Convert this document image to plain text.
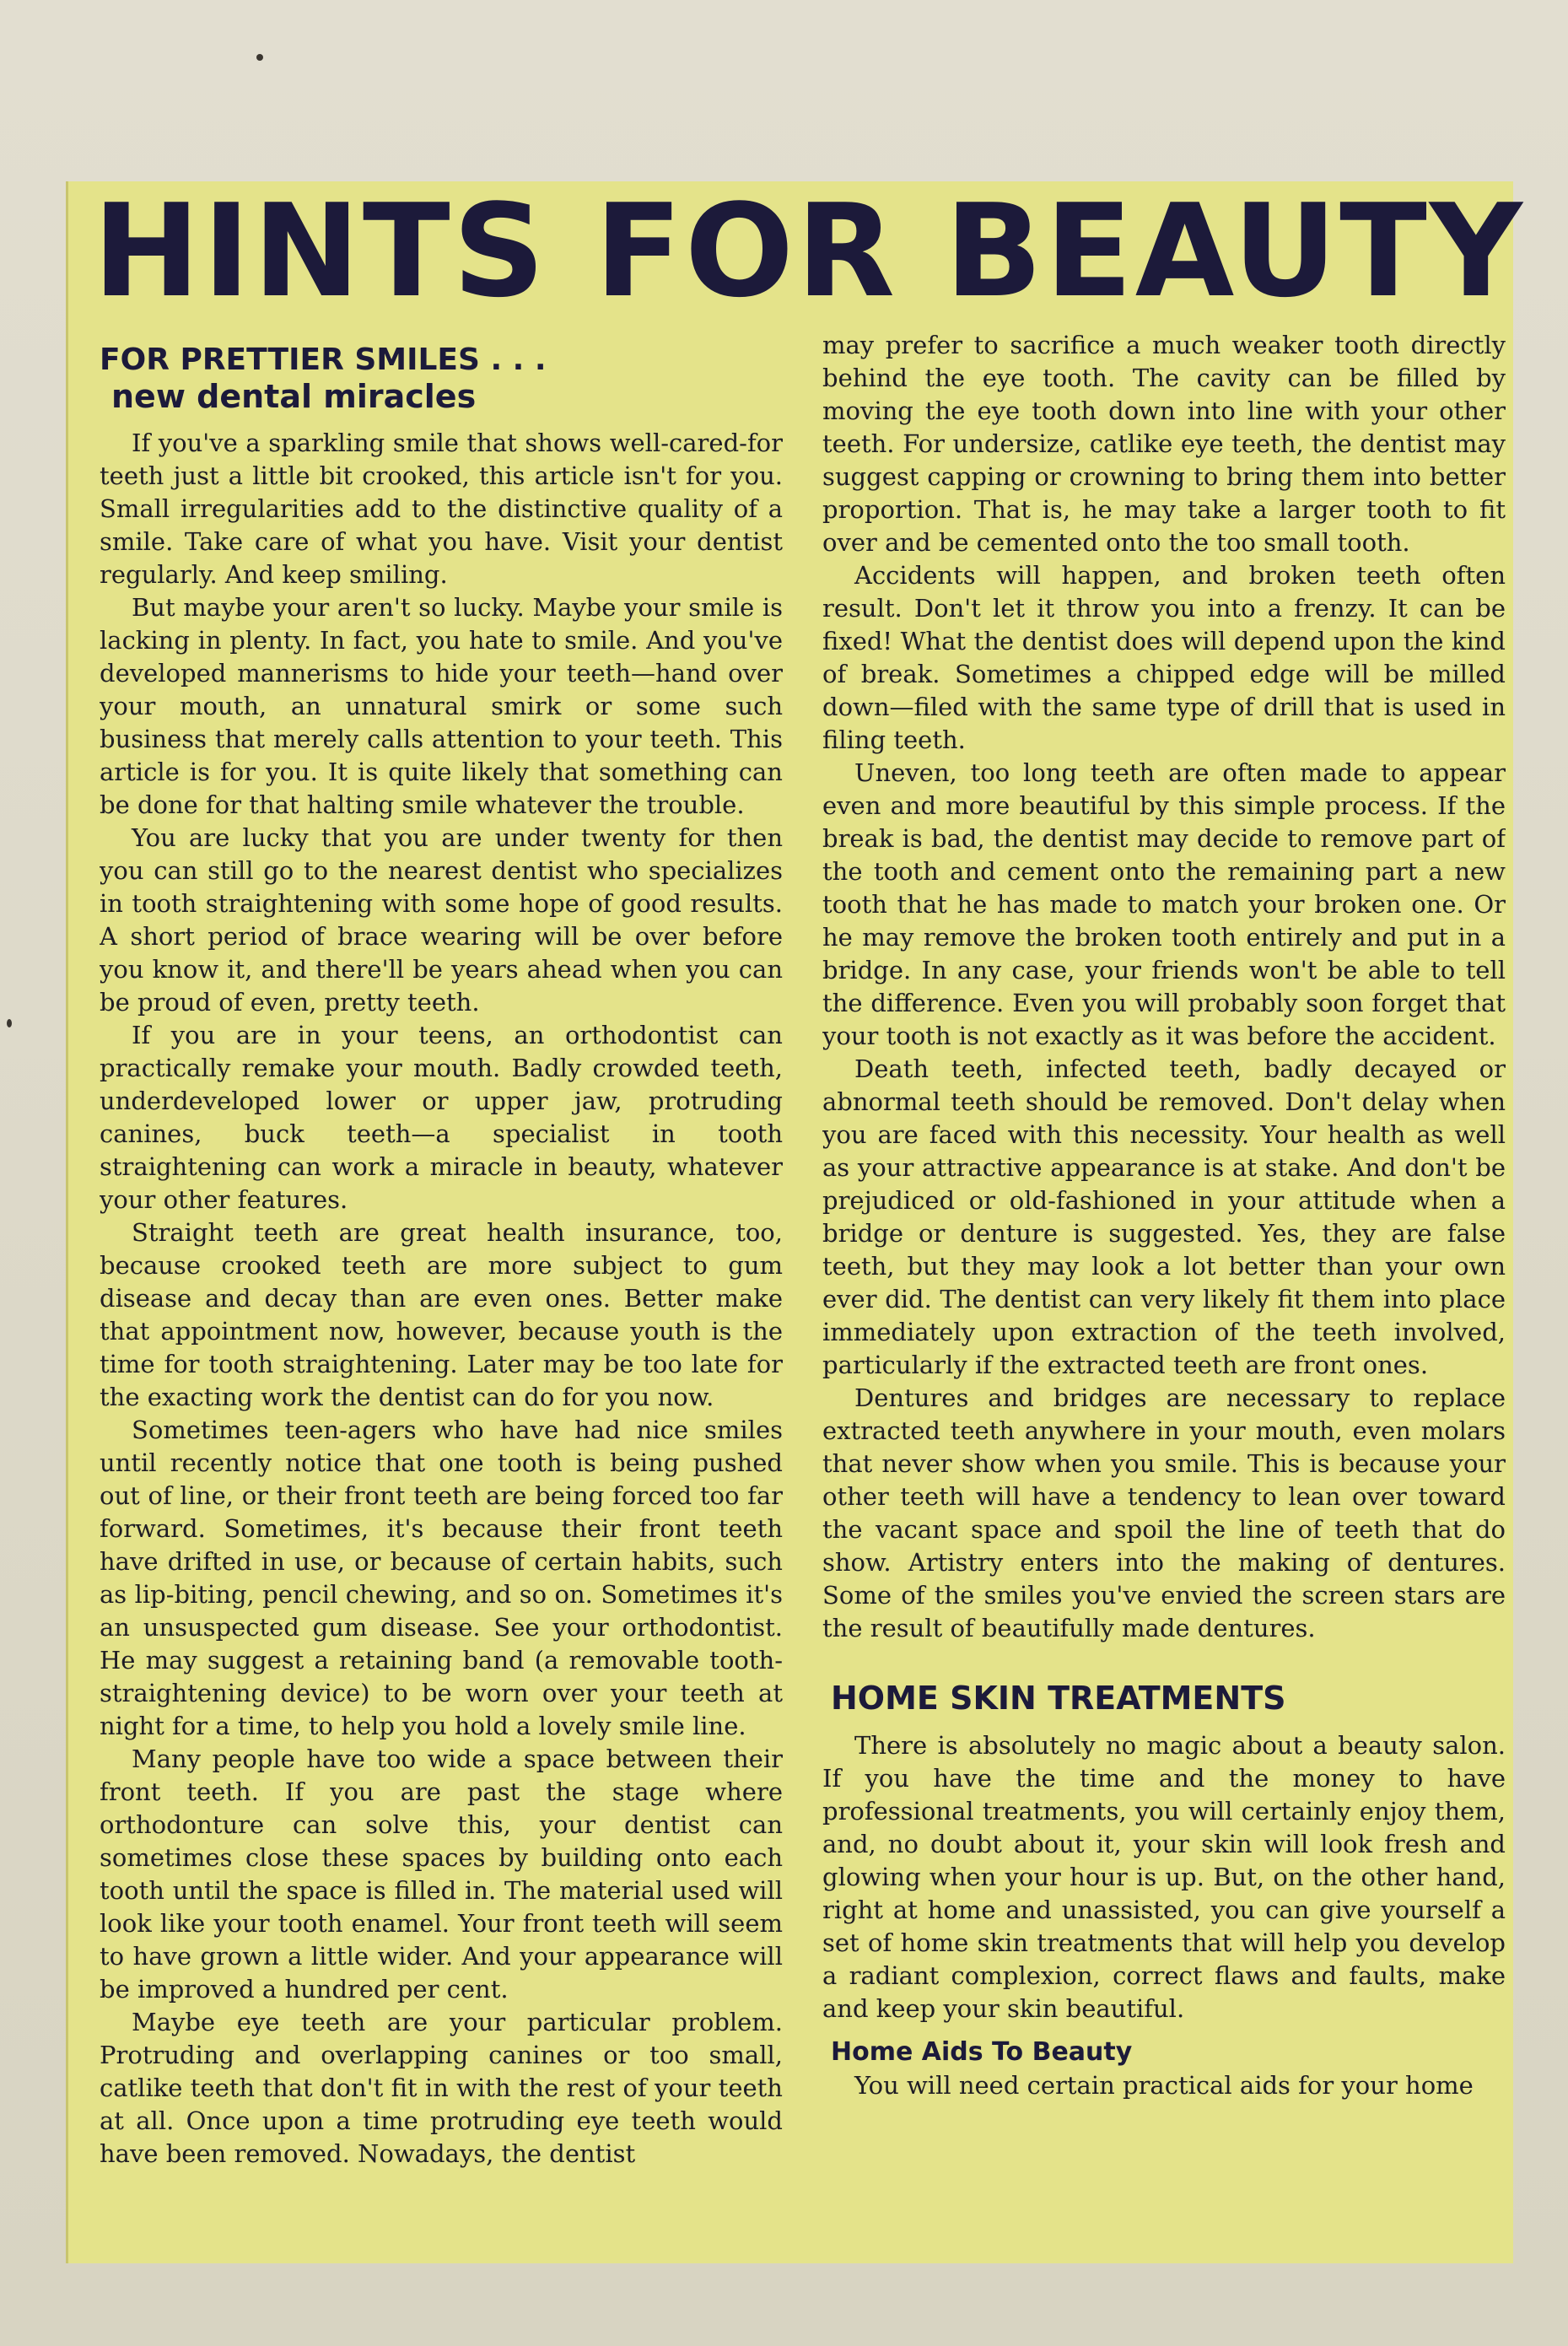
HINTS FOR BEAUTY
FOR PRETTIER SMILES . . .
new dental miracles

If you've a sparkling smile that shows well-cared-for teeth just a little bit crooked, this article isn't for you. Small irregularities add to the distinctive quality of a smile. Take care of what you have. Visit your dentist regularly. And keep smiling.

But maybe your aren't so lucky. Maybe your smile is lacking in plenty. In fact, you hate to smile. And you've developed mannerisms to hide your teeth—hand over your mouth, an unnatural smirk or some such business that merely calls attention to your teeth. This article is for you. It is quite likely that something can be done for that halting smile whatever the trouble.

You are lucky that you are under twenty for then you can still go to the nearest dentist who specializes in tooth straightening with some hope of good results. A short period of brace wearing will be over before you know it, and there'll be years ahead when you can be proud of even, pretty teeth.

If you are in your teens, an orthodontist can practically remake your mouth. Badly crowded teeth, underdeveloped lower or upper jaw, protruding canines, buck teeth—a specialist in tooth straightening can work a miracle in beauty, whatever your other features.

Straight teeth are great health insurance, too, because crooked teeth are more subject to gum disease and decay than are even ones. Better make that appointment now, however, because youth is the time for tooth straightening. Later may be too late for the exacting work the dentist can do for you now.

Sometimes teen-agers who have had nice smiles until recently notice that one tooth is being pushed out of line, or their front teeth are being forced too far forward. Sometimes, it's because their front teeth have drifted in use, or because of certain habits, such as lip-biting, pencil chewing, and so on. Sometimes it's an unsuspected gum disease. See your orthodontist. He may suggest a retaining band (a removable tooth-straightening device) to be worn over your teeth at night for a time, to help you hold a lovely smile line.

Many people have too wide a space between their front teeth. If you are past the stage where orthodonture can solve this, your dentist can sometimes close these spaces by building onto each tooth until the space is filled in. The material used will look like your tooth enamel. Your front teeth will seem to have grown a little wider. And your appearance will be improved a hundred per cent.

Maybe eye teeth are your particular problem. Protruding and overlapping canines or too small, catlike teeth that don't fit in with the rest of your teeth at all. Once upon a time protruding eye teeth would have been removed. Nowadays, the dentist

may prefer to sacrifice a much weaker tooth directly behind the eye tooth. The cavity can be filled by moving the eye tooth down into line with your other teeth. For undersize, catlike eye teeth, the dentist may suggest capping or crowning to bring them into better proportion. That is, he may take a larger tooth to fit over and be cemented onto the too small tooth.

Accidents will happen, and broken teeth often result. Don't let it throw you into a frenzy. It can be fixed! What the dentist does will depend upon the kind of break. Sometimes a chipped edge will be milled down—filed with the same type of drill that is used in filing teeth.

Uneven, too long teeth are often made to appear even and more beautiful by this simple process. If the break is bad, the dentist may decide to remove part of the tooth and cement onto the remaining part a new tooth that he has made to match your broken one. Or he may remove the broken tooth entirely and put in a bridge. In any case, your friends won't be able to tell the difference. Even you will probably soon forget that your tooth is not exactly as it was before the accident.

Death teeth, infected teeth, badly decayed or abnormal teeth should be removed. Don't delay when you are faced with this necessity. Your health as well as your attractive appearance is at stake. And don't be prejudiced or old-fashioned in your attitude when a bridge or denture is suggested. Yes, they are false teeth, but they may look a lot better than your own ever did. The dentist can very likely fit them into place immediately upon extraction of the teeth involved, particularly if the extracted teeth are front ones.

Dentures and bridges are necessary to replace extracted teeth anywhere in your mouth, even molars that never show when you smile. This is because your other teeth will have a tendency to lean over toward the vacant space and spoil the line of teeth that do show. Artistry enters into the making of dentures. Some of the smiles you've envied the screen stars are the result of beautifully made dentures.

HOME SKIN TREATMENTS

There is absolutely no magic about a beauty salon. If you have the time and the money to have professional treatments, you will certainly enjoy them, and, no doubt about it, your skin will look fresh and glowing when your hour is up. But, on the other hand, right at home and unassisted, you can give yourself a set of home skin treatments that will help you develop a radiant complexion, correct flaws and faults, make and keep your skin beautiful.

Home Aids To Beauty

You will need certain practical aids for your home
